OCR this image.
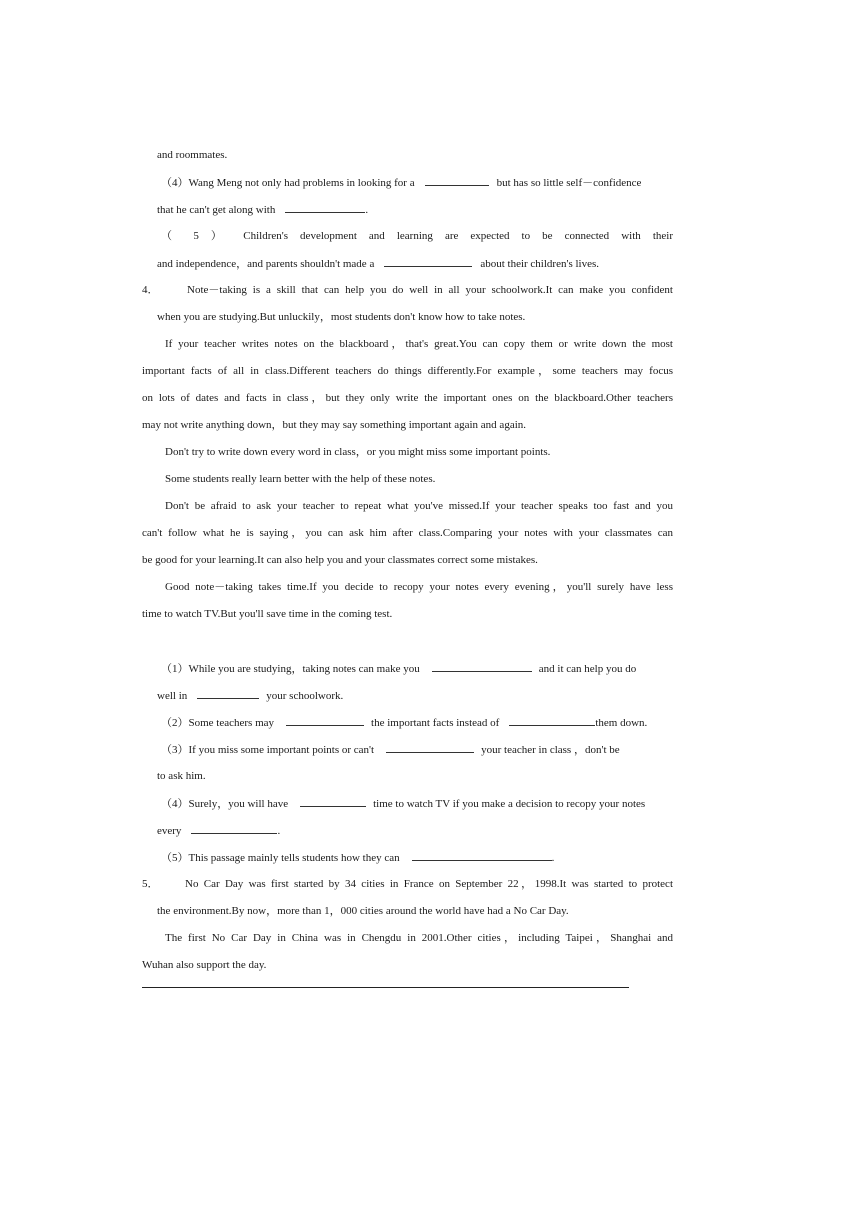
and roommates.
（4）Wang Meng not only had problems in looking for a	but has so little self－confidence
that he can't get along with	.
（ 5 ） Children's development and learning are expected to be connected with their
and independence，and parents shouldn't made a	about their children's lives.
4．	Note－taking is a skill that can help you do well in all your schoolwork.It can make you confident
when you are studying.But unluckily，most students don't know how to take notes.
If your teacher writes notes on the blackboard，that's great.You can copy them or write down the most
important facts of all in class.Different teachers do things differently.For example，some teachers may focus
on lots of dates and facts in class，but they only write the important ones on the blackboard.Other teachers
may not write anything down，but they may say something important again and again.
Don't try to write down every word in class，or you might miss some important points.
Some students really learn better with the help of these notes.
Don't be afraid to ask your teacher to repeat what you've missed.If your teacher speaks too fast and you
can't follow what he is saying，you can ask him after class.Comparing your notes with your classmates can
be good for your learning.It can also help you and your classmates correct some mistakes.
Good note－taking takes time.If you decide to recopy your notes every evening，you'll surely have less
time to watch TV.But you'll save time in the coming test.
（1）While you are studying，taking notes can make you	and it can help you do
well in	your schoolwork.
（2）Some teachers may	the important facts instead of	them down.
（3）If you miss some important points or can't	your teacher in class ，don't be
to ask him.
（4）Surely，you will have	time to watch TV if you make a decision to recopy your notes
every	.
（5）This passage mainly tells students how they can	.
5． No Car Day was first started by 34 cities in France on September 22，1998.It was started to protect
the environment.By now，more than 1，000 cities around the world have had a No Car Day.
The first No Car Day in China was in Chengdu in 2001.Other cities，including Taipei，Shanghai and
Wuhan also support the day.
